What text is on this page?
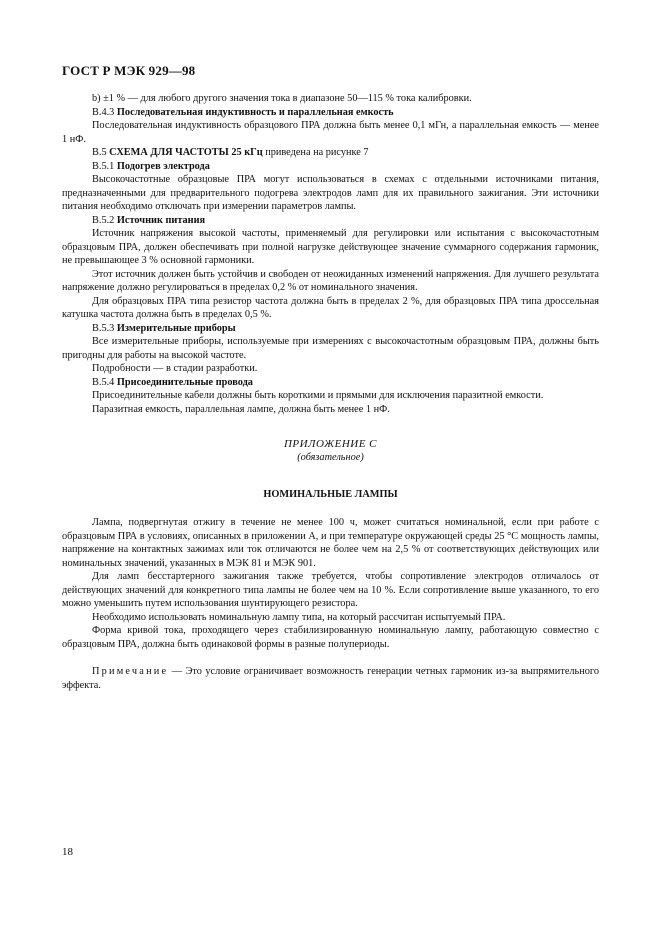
ГОСТ Р МЭК 929—98

b) ±1 % — для любого другого значения тока в диапазоне 50—115 % тока калибровки.

В.4.3 Последовательная индуктивность и параллельная емкость

Последовательная индуктивность образцового ПРА должна быть менее 0,1 мГн, а параллельная емкость — менее 1 нФ.

В.5 СХЕМА ДЛЯ ЧАСТОТЫ 25 кГц приведена на рисунке 7

В.5.1 Подогрев электрода

Высокочастотные образцовые ПРА могут использоваться в схемах с отдельными источниками питания, предназначенными для предварительного подогрева электродов ламп для их правильного зажигания. Эти источники питания необходимо отключать при измерении параметров лампы.

В.5.2 Источник питания

Источник напряжения высокой частоты, применяемый для регулировки или испытания с высокочастотным образцовым ПРА, должен обеспечивать при полной нагрузке действующее значение суммарного содержания гармоник, не превышающее 3 % основной гармоники.

Этот источник должен быть устойчив и свободен от неожиданных изменений напряжения. Для лучшего результата напряжение должно регулироваться в пределах 0,2 % от номинального значения.

Для образцовых ПРА типа резистор частота должна быть в пределах 2 %, для образцовых ПРА типа дроссельная катушка частота должна быть в пределах 0,5 %.

В.5.3 Измерительные приборы

Все измерительные приборы, используемые при измерениях с высокочастотным образцовым ПРА, должны быть пригодны для работы на высокой частоте.

Подробности — в стадии разработки.

В.5.4 Присоединительные провода

Присоединительные кабели должны быть короткими и прямыми для исключения паразитной емкости.

Паразитная емкость, параллельная лампе, должна быть менее 1 нФ.

ПРИЛОЖЕНИЕ С
(обязательное)
НОМИНАЛЬНЫЕ ЛАМПЫ

Лампа, подвергнутая отжигу в течение не менее 100 ч, может считаться номинальной, если при работе с образцовым ПРА в условиях, описанных в приложении А, и при температуре окружающей среды 25 °С мощность лампы, напряжение на контактных зажимах или ток отличаются не более чем на 2,5 % от соответствующих действующих или номинальных значений, указанных в МЭК 81 и МЭК 901.

Для ламп бесстартерного зажигания также требуется, чтобы сопротивление электродов отличалось от действующих значений для конкретного типа лампы не более чем на 10 %. Если сопротивление выше указанного, то его можно уменьшить путем использования шунтирующего резистора.

Необходимо использовать номинальную лампу типа, на который рассчитан испытуемый ПРА.

Форма кривой тока, проходящего через стабилизированную номинальную лампу, работающую совместно с образцовым ПРА, должна быть одинаковой формы в разные полупериоды.

Примечание — Это условие ограничивает возможность генерации четных гармоник из-за выпрямительного эффекта.

18
